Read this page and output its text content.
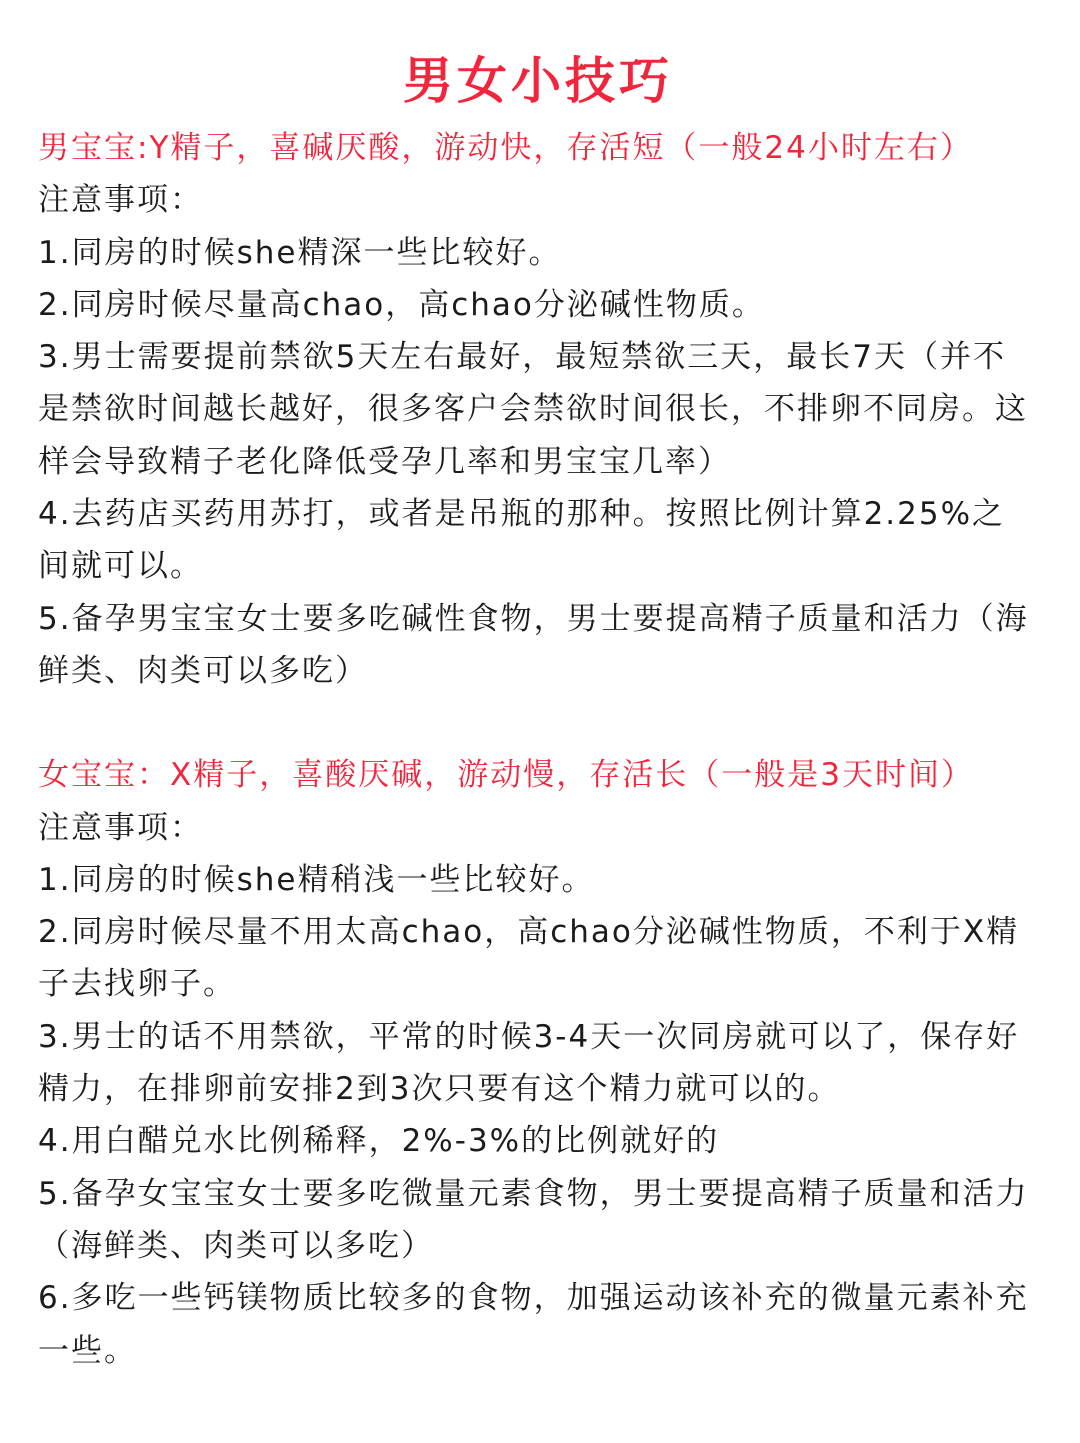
男女小技巧

男宝宝:Y精子，喜碱厌酸，游动快，存活短（一般24小时左右）

注意事项：

1.同房的时候she精深一些比较好。
2.同房时候尽量高chao，高chao分泌碱性物质。
3.男士需要提前禁欲5天左右最好，最短禁欲三天，最长7天（并不是禁欲时间越长越好，很多客户会禁欲时间很长，不排卵不同房。这样会导致精子老化降低受孕几率和男宝宝几率）
4.去药店买药用苏打，或者是吊瓶的那种。按照比例计算2.25%之间就可以。
5.备孕男宝宝女士要多吃碱性食物，男士要提高精子质量和活力（海鲜类、肉类可以多吃）

女宝宝：X精子，喜酸厌碱，游动慢，存活长（一般是3天时间）

注意事项：

1.同房的时候she精稍浅一些比较好。
2.同房时候尽量不用太高chao，高chao分泌碱性物质，不利于X精子去找卵子。
3.男士的话不用禁欲，平常的时候3-4天一次同房就可以了，保存好精力，在排卵前安排2到3次只要有这个精力就可以的。
4.用白醋兑水比例稀释，2%-3%的比例就好的
5.备孕女宝宝女士要多吃微量元素食物，男士要提高精子质量和活力（海鲜类、肉类可以多吃）
6.多吃一些钙镁物质比较多的食物，加强运动该补充的微量元素补充一些。
